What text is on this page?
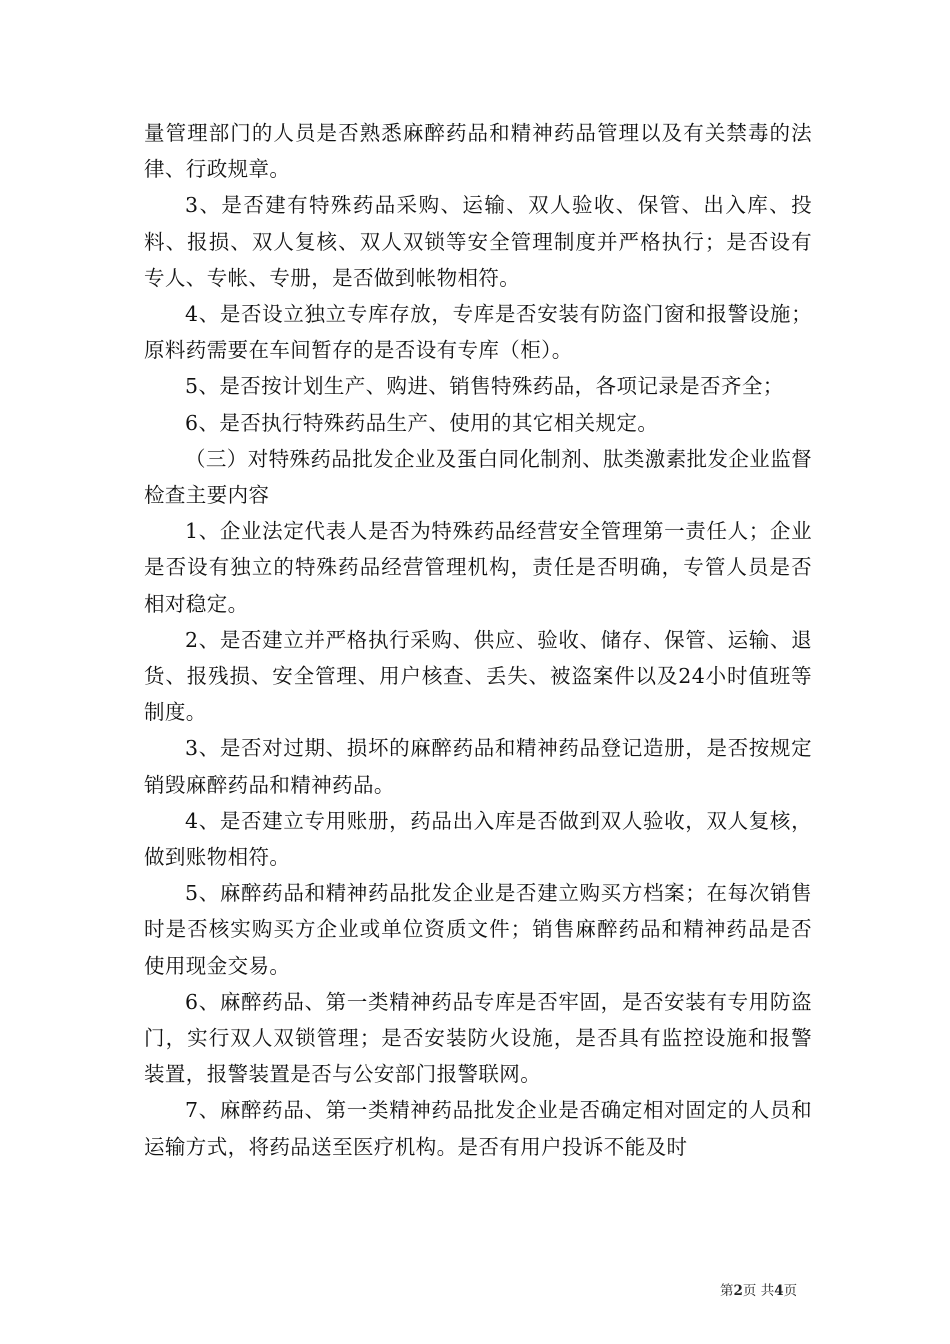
量管理部门的人员是否熟悉麻醉药品和精神药品管理以及有关禁毒的法律、行政规章。

3、是否建有特殊药品采购、运输、双人验收、保管、出入库、投料、报损、双人复核、双人双锁等安全管理制度并严格执行；是否设有专人、专帐、专册，是否做到帐物相符。

4、是否设立独立专库存放，专库是否安装有防盗门窗和报警设施；原料药需要在车间暂存的是否设有专库（柜）。

5、是否按计划生产、购进、销售特殊药品，各项记录是否齐全；

6、是否执行特殊药品生产、使用的其它相关规定。

（三）对特殊药品批发企业及蛋白同化制剂、肽类激素批发企业监督检查主要内容

1、企业法定代表人是否为特殊药品经营安全管理第一责任人；企业是否设有独立的特殊药品经营管理机构，责任是否明确，专管人员是否相对稳定。

2、是否建立并严格执行采购、供应、验收、储存、保管、运输、退货、报残损、安全管理、用户核查、丢失、被盗案件以及24小时值班等制度。

3、是否对过期、损坏的麻醉药品和精神药品登记造册，是否按规定销毁麻醉药品和精神药品。

4、是否建立专用账册，药品出入库是否做到双人验收，双人复核，做到账物相符。

5、麻醉药品和精神药品批发企业是否建立购买方档案；在每次销售时是否核实购买方企业或单位资质文件；销售麻醉药品和精神药品是否使用现金交易。

6、麻醉药品、第一类精神药品专库是否牢固，是否安装有专用防盗门，实行双人双锁管理；是否安装防火设施，是否具有监控设施和报警装置，报警装置是否与公安部门报警联网。

7、麻醉药品、第一类精神药品批发企业是否确定相对固定的人员和运输方式，将药品送至医疗机构。是否有用户投诉不能及时

第2页 共4页
